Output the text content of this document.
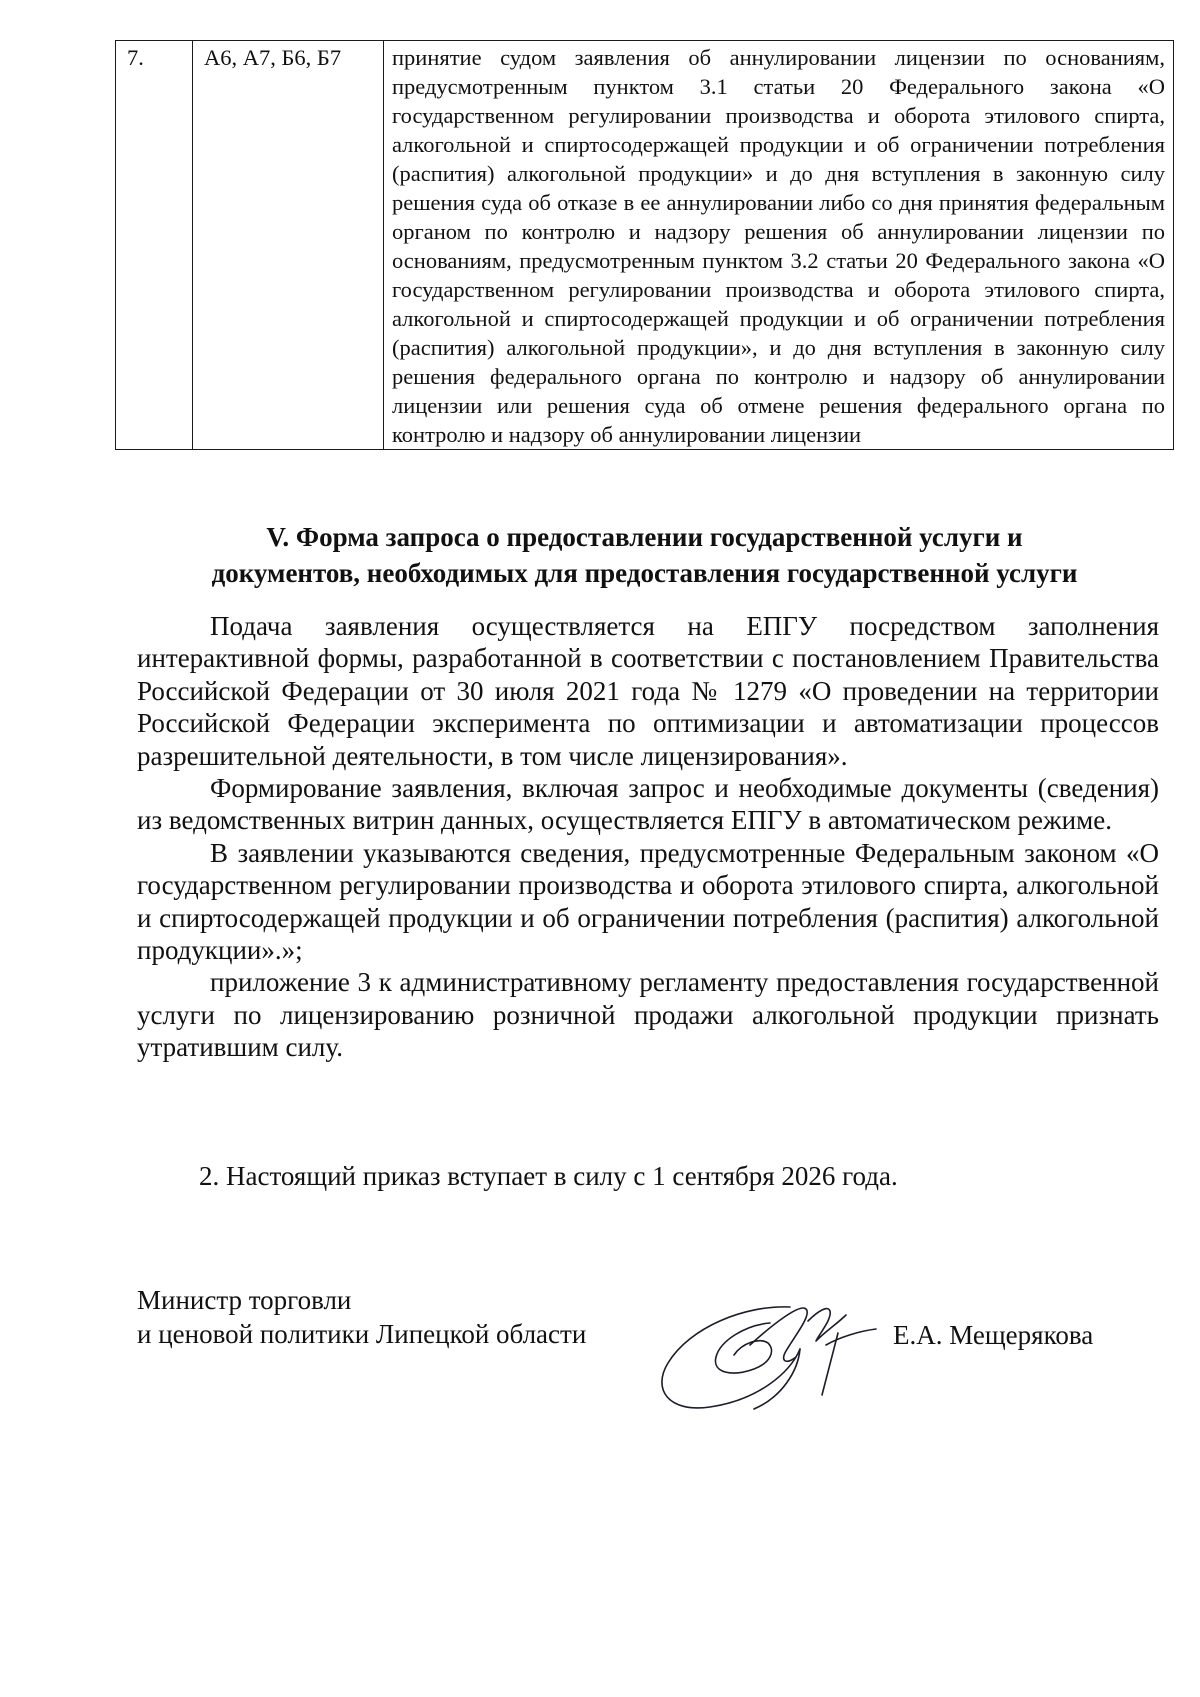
7.	А6, А7, Б6, Б7	принятие судом заявления об аннулировании лицензии по основаниям, предусмотренным пунктом 3.1 статьи 20 Федерального закона «О государственном регулировании производства и оборота этилового спирта, алкогольной и спиртосодержащей продукции и об ограничении потребления (распития) алкогольной продукции» и до дня вступления в законную силу решения суда об отказе в ее аннулировании либо со дня принятия федеральным органом по контролю и надзору решения об аннулировании лицензии по основаниям, предусмотренным пунктом 3.2 статьи 20 Федерального закона «О государственном регулировании производства и оборота этилового спирта, алкогольной и спиртосодержащей продукции и об ограничении потребления (распития) алкогольной продукции», и до дня вступления в законную силу решения федерального органа по контролю и надзору об аннулировании лицензии или решения суда об отмене решения федерального органа по контролю и надзору об аннулировании лицензии
V. Форма запроса о предоставлении государственной услуги и
документов, необходимых для предоставления государственной услуги

Подача заявления осуществляется на ЕПГУ посредством заполнения интерактивной формы, разработанной в соответствии с постановлением Правительства Российской Федерации от 30 июля 2021 года № 1279 «О проведении на территории Российской Федерации эксперимента по оптимизации и автоматизации процессов разрешительной деятельности, в том числе лицензирования».

Формирование заявления, включая запрос и необходимые документы (сведения) из ведомственных витрин данных, осуществляется ЕПГУ в автоматическом режиме.

В заявлении указываются сведения, предусмотренные Федеральным законом «О государственном регулировании производства и оборота этилового спирта, алкогольной и спиртосодержащей продукции и об ограничении потребления (распития) алкогольной продукции».»;

приложение 3 к административному регламенту предоставления государственной услуги по лицензированию розничной продажи алкогольной продукции признать утратившим силу.

2. Настоящий приказ вступает в силу с 1 сентября 2026 года.

Министр торговли
и ценовой политики Липецкой области	Е.А. Мещерякова
